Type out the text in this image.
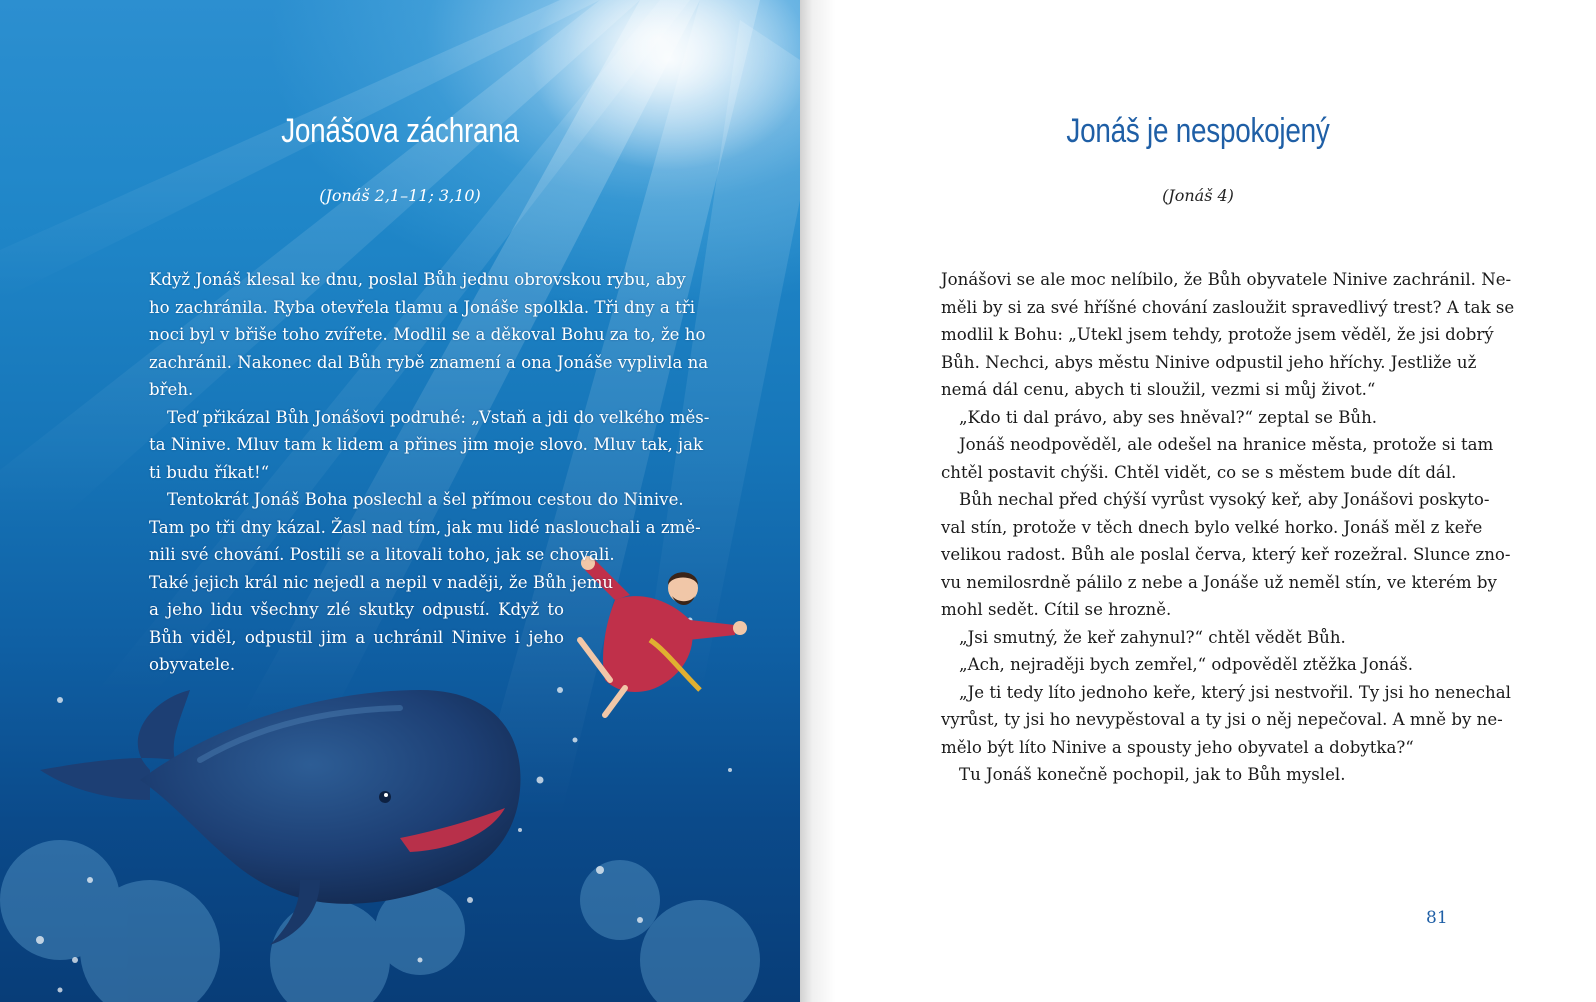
Jonášova záchrana
(Jonáš 2,1–11; 3,10)
Když Jonáš klesal ke dnu, poslal Bůh jednu obrovskou rybu, aby
ho zachránila. Ryba otevřela tlamu a Jonáše spolkla. Tři dny a tři
noci byl v břiše toho zvířete. Modlil se a děkoval Bohu za to, že ho
zachránil. Nakonec dal Bůh rybě znamení a ona Jonáše vyplivla na
břeh.
Teď přikázal Bůh Jonášovi podruhé: „Vstaň a jdi do velkého měs-
ta Ninive. Mluv tam k lidem a přines jim moje slovo. Mluv tak, jak
ti budu říkat!“
Tentokrát Jonáš Boha poslechl a šel přímou cestou do Ninive.
Tam po tři dny kázal. Žasl nad tím, jak mu lidé naslouchali a změ-
nili své chování. Postili se a litovali toho, jak se chovali.
Také jejich král nic nejedl a nepil v naději, že Bůh jemu
a jeho lidu všechny zlé skutky odpustí. Když to
Bůh viděl, odpustil jim a uchránil Ninive i jeho
obyvatele.
Jonáš je nespokojený
(Jonáš 4)
Jonášovi se ale moc nelíbilo, že Bůh obyvatele Ninive zachránil. Ne-
měli by si za své hříšné chování zasloužit spravedlivý trest? A tak se
modlil k Bohu: „Utekl jsem tehdy, protože jsem věděl, že jsi dobrý
Bůh. Nechci, abys městu Ninive odpustil jeho hříchy. Jestliže už
nemá dál cenu, abych ti sloužil, vezmi si můj život.“
„Kdo ti dal právo, aby ses hněval?“ zeptal se Bůh.
Jonáš neodpověděl, ale odešel na hranice města, protože si tam
chtěl postavit chýši. Chtěl vidět, co se s městem bude dít dál.
Bůh nechal před chýší vyrůst vysoký keř, aby Jonášovi poskyto-
val stín, protože v těch dnech bylo velké horko. Jonáš měl z keře
velikou radost. Bůh ale poslal červa, který keř rozežral. Slunce zno-
vu nemilosrdně pálilo z nebe a Jonáše už neměl stín, ve kterém by
mohl sedět. Cítil se hrozně.
„Jsi smutný, že keř zahynul?“ chtěl vědět Bůh.
„Ach, nejraději bych zemřel,“ odpověděl ztěžka Jonáš.
„Je ti tedy líto jednoho keře, který jsi nestvořil. Ty jsi ho nenechal
vyrůst, ty jsi ho nevypěstoval a ty jsi o něj nepečoval. A mně by ne-
mělo být líto Ninive a spousty jeho obyvatel a dobytka?“
Tu Jonáš konečně pochopil, jak to Bůh myslel.
81
